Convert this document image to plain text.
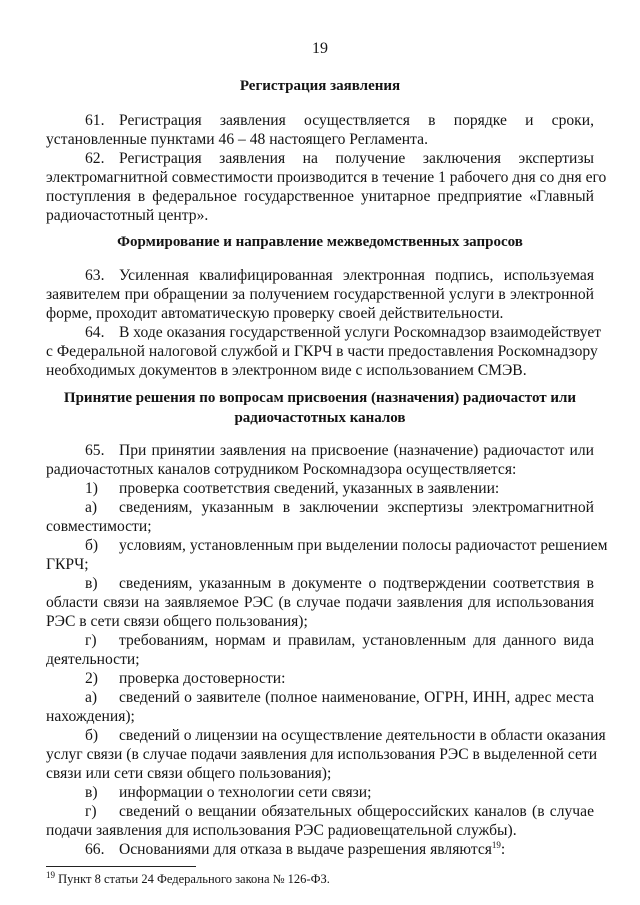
19
Регистрация заявления
61. Регистрация заявления осуществляется в порядке и сроки,
установленные пунктами 46 – 48 настоящего Регламента.
62. Регистрация заявления на получение заключения экспертизы
электромагнитной совместимости производится в течение 1 рабочего дня со дня его
поступления в федеральное государственное унитарное предприятие «Главный
радиочастотный центр».
Формирование и направление межведомственных запросов
63. Усиленная квалифицированная электронная подпись, используемая
заявителем при обращении за получением государственной услуги в электронной
форме, проходит автоматическую проверку своей действительности.
64. В ходе оказания государственной услуги Роскомнадзор взаимодействует
с Федеральной налоговой службой и ГКРЧ в части предоставления Роскомнадзору
необходимых документов в электронном виде с использованием СМЭВ.
Принятие решения по вопросам присвоения (назначения) радиочастот или
радиочастотных каналов
65. При принятии заявления на присвоение (назначение) радиочастот или
радиочастотных каналов сотрудником Роскомнадзора осуществляется:
1) проверка соответствия сведений, указанных в заявлении:
а) сведениям, указанным в заключении экспертизы электромагнитной
совместимости;
б) условиям, установленным при выделении полосы радиочастот решением
ГКРЧ;
в) сведениям, указанным в документе о подтверждении соответствия в
области связи на заявляемое РЭС (в случае подачи заявления для использования
РЭС в сети связи общего пользования);
г) требованиям, нормам и правилам, установленным для данного вида
деятельности;
2) проверка достоверности:
а) сведений о заявителе (полное наименование, ОГРН, ИНН, адрес места
нахождения);
б) сведений о лицензии на осуществление деятельности в области оказания
услуг связи (в случае подачи заявления для использования РЭС в выделенной сети
связи или сети связи общего пользования);
в) информации о технологии сети связи;
г) сведений о вещании обязательных общероссийских каналов (в случае
подачи заявления для использования РЭС радиовещательной службы).
66. Основаниями для отказа в выдаче разрешения являются$^{19}$:
$^{19}$ Пункт 8 статьи 24 Федерального закона № 126-ФЗ.
